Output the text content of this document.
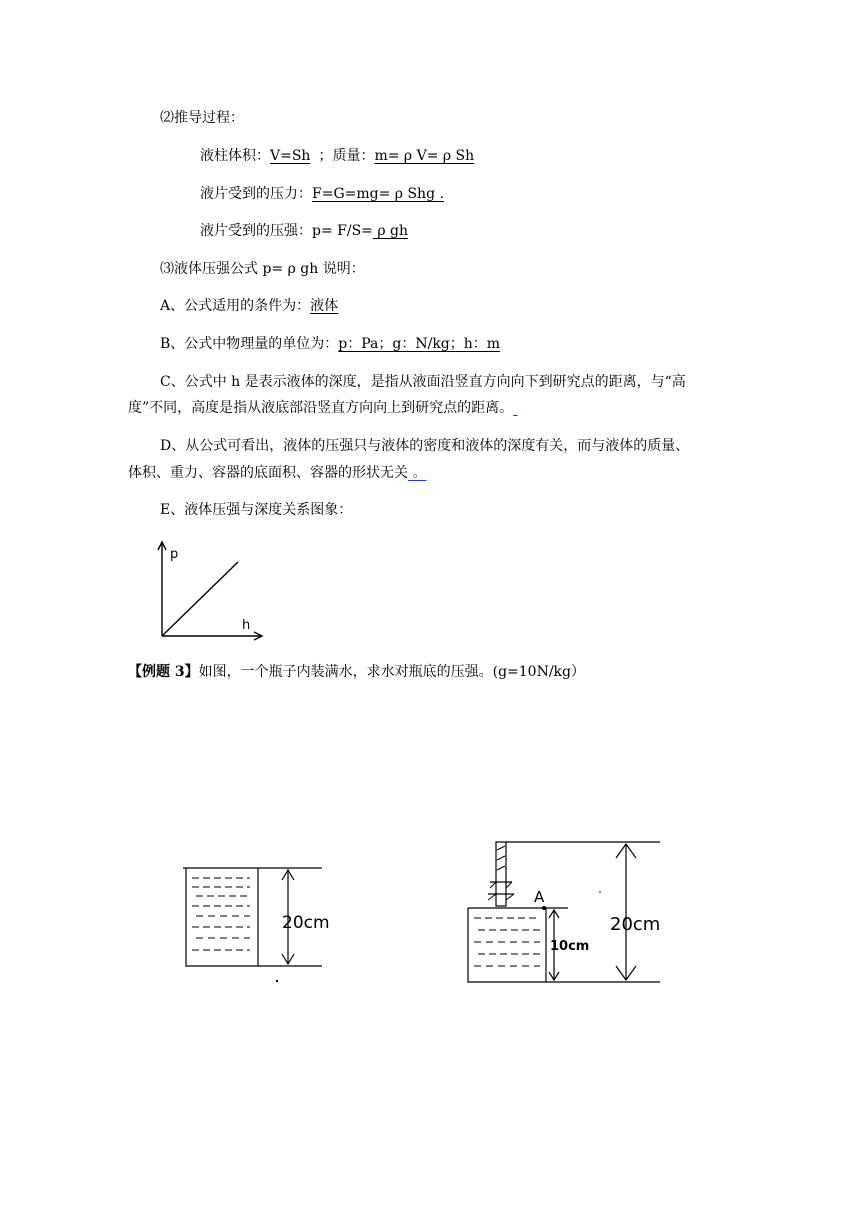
⑵推导过程：
液柱体积：V=Sh ；质量：m= ρ V= ρ Sh
液片受到的压力：F=G=mg= ρ Shg .
液片受到的压强：p= F/S= ρ gh
⑶液体压强公式 p= ρ gh 说明：
A、公式适用的条件为：液体
B、公式中物理量的单位为：p：Pa；g：N/kg；h：m
C、公式中 h 是表示液体的深度，是指从液面沿竖直方向向下到研究点的距离，与“高
度”不同，高度是指从液底部沿竖直方向向上到研究点的距离。
D、从公式可看出，液体的压强只与液体的密度和液体的深度有关，而与液体的质量、
体积、重力、容器的底面积、容器的形状无关 。
E、液体压强与深度关系图象：
p
h
【例题 3】如图，一个瓶子内装满水，求水对瓶底的压强。(g=10N/kg）
20cm
A
10cm
20cm
